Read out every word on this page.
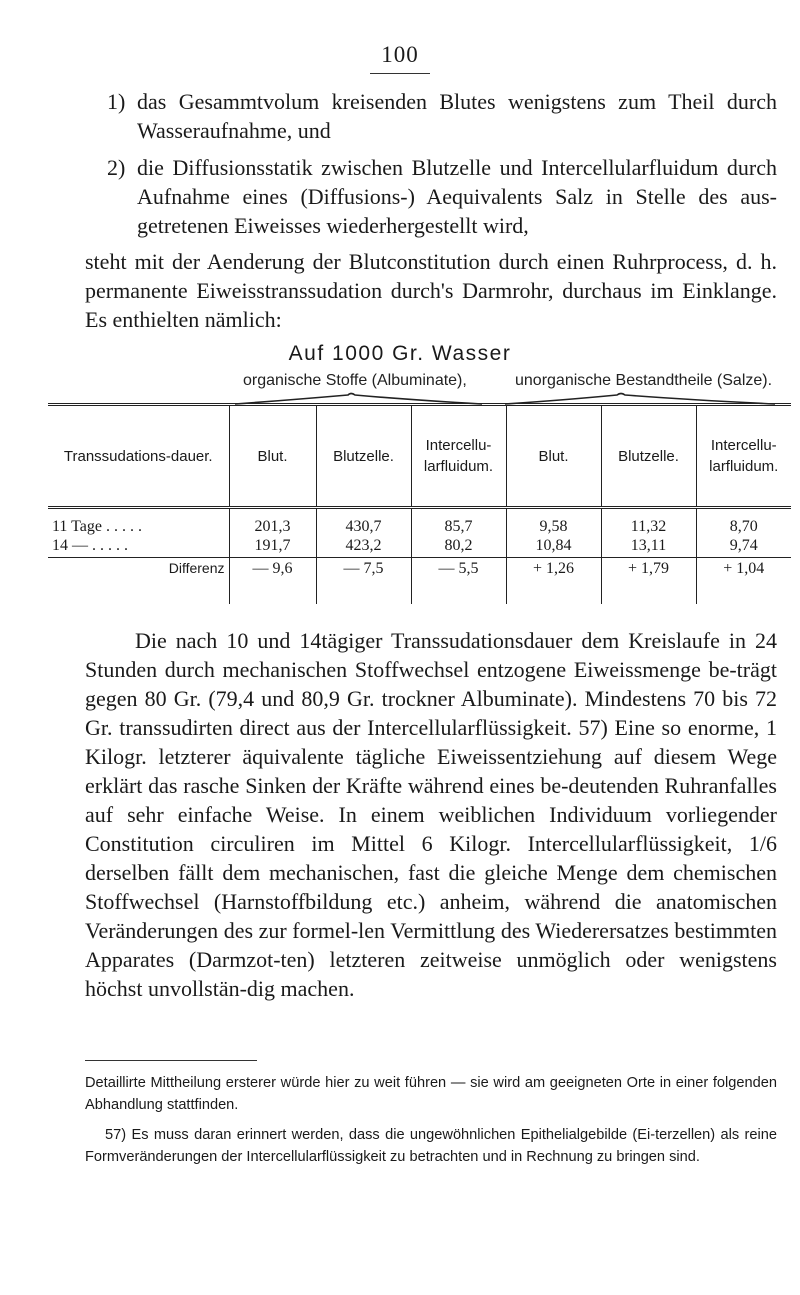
100
1) das Gesammtvolum kreisenden Blutes wenigstens zum Theil durch Wasseraufnahme, und
2) die Diffusionsstatik zwischen Blutzelle und Intercellularfluidum durch Aufnahme eines (Diffusions-) Aequivalents Salz in Stelle des aus-getretenen Eiweisses wiederhergestellt wird,
steht mit der Aenderung der Blutconstitution durch einen Ruhrprocess, d. h. permanente Eiweisstranssudation durch's Darmrohr, durchaus im Einklange. Es enthielten nämlich:
Auf 1000 Gr. Wasser
organische Stoffe (Albuminate),	unorganische Bestandtheile (Salze).
Transsudations-dauer.	Blut.	Blutzelle.	Intercellu-larfluidum.	Blut.	Blutzelle.	Intercellu-larfluidum.
11 Tage . . . . .	201,3	430,7	85,7	9,58	11,32	8,70
14 — . . . . .	191,7	423,2	80,2	10,84	13,11	9,74
Differenz	— 9,6	— 7,5	— 5,5	+ 1,26	+ 1,79	+ 1,04
Die nach 10 und 14tägiger Transsudationsdauer dem Kreislaufe in 24 Stunden durch mechanischen Stoffwechsel entzogene Eiweissmenge be-trägt gegen 80 Gr. (79,4 und 80,9 Gr. trockner Albuminate). Mindestens 70 bis 72 Gr. transsudirten direct aus der Intercellularflüssigkeit. 57) Eine so enorme, 1 Kilogr. letzterer äquivalente tägliche Eiweissentziehung auf diesem Wege erklärt das rasche Sinken der Kräfte während eines be-deutenden Ruhranfalles auf sehr einfache Weise. In einem weiblichen Individuum vorliegender Constitution circuliren im Mittel 6 Kilogr. Intercellularflüssigkeit, 1/6 derselben fällt dem mechanischen, fast die gleiche Menge dem chemischen Stoffwechsel (Harnstoffbildung etc.) anheim, während die anatomischen Veränderungen des zur formel-len Vermittlung des Wiederersatzes bestimmten Apparates (Darmzot-ten) letzteren zeitweise unmöglich oder wenigstens höchst unvollstän-dig machen.
Detaillirte Mittheilung ersterer würde hier zu weit führen — sie wird am geeigneten Orte in einer folgenden Abhandlung stattfinden.
57) Es muss daran erinnert werden, dass die ungewöhnlichen Epithelialgebilde (Ei-terzellen) als reine Formveränderungen der Intercellularflüssigkeit zu betrachten und in Rechnung zu bringen sind.
